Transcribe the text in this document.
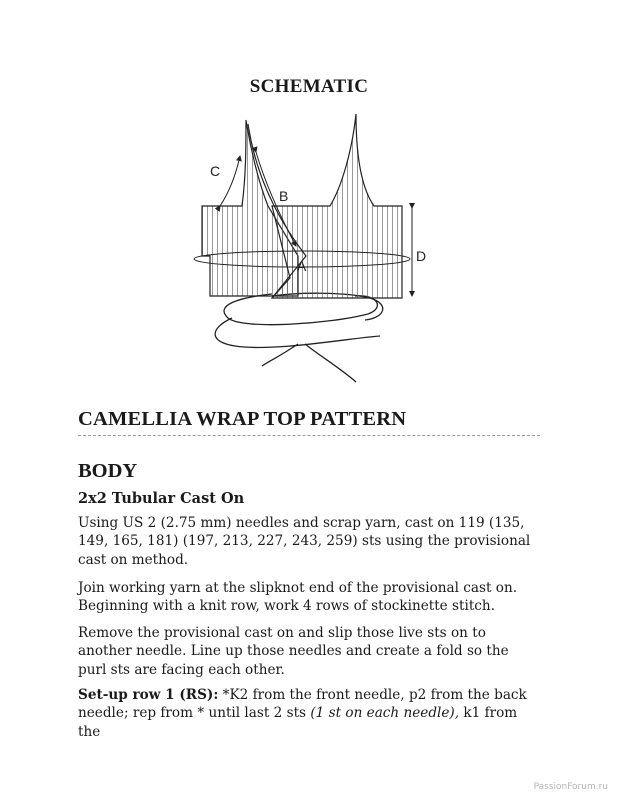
SCHEMATIC
C
B
A
D
CAMELLIA WRAP TOP PATTERN
BODY
2x2 Tubular Cast On

Using US 2 (2.75 mm) needles and scrap yarn, cast on 119 (135, 149, 165, 181) (197, 213, 227, 243, 259) sts using the provisional cast on method.

Join working yarn at the slipknot end of the provisional cast on. Beginning with a knit row, work 4 rows of stockinette stitch.

Remove the provisional cast on and slip those live sts on to another needle. Line up those needles and create a fold so the purl sts are facing each other.

Set-up row 1 (RS): *K2 from the front needle, p2 from the back needle; rep from * until last 2 sts (1 st on each needle), k1 from the

PassionForum.ru
